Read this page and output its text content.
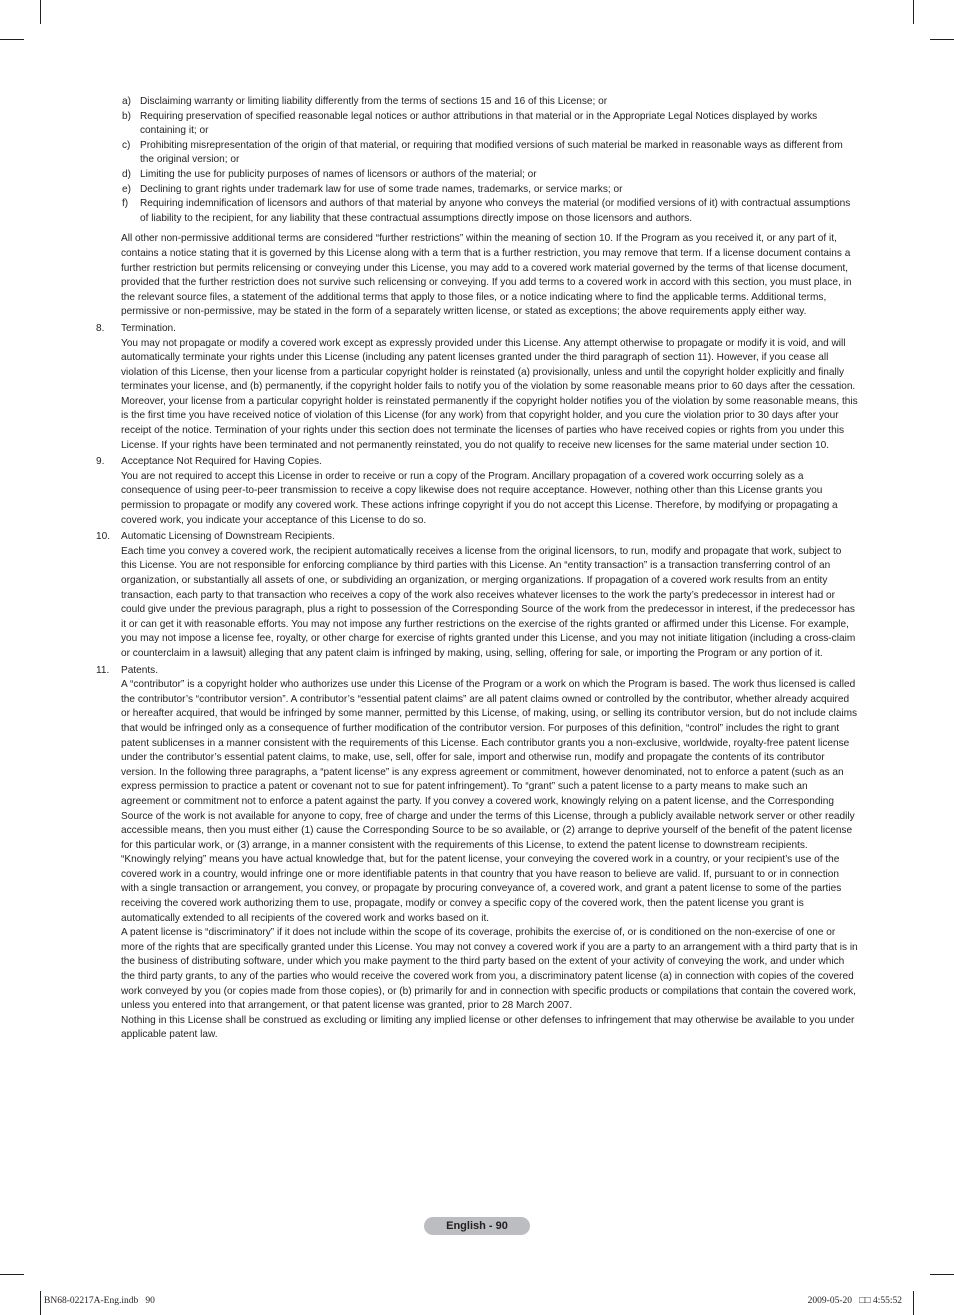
a) Disclaiming warranty or limiting liability differently from the terms of sections 15 and 16 of this License; or
b) Requiring preservation of specified reasonable legal notices or author attributions in that material or in the Appropriate Legal Notices displayed by works containing it; or
c) Prohibiting misrepresentation of the origin of that material, or requiring that modified versions of such material be marked in reasonable ways as different from the original version; or
d) Limiting the use for publicity purposes of names of licensors or authors of the material; or
e) Declining to grant rights under trademark law for use of some trade names, trademarks, or service marks; or
f) Requiring indemnification of licensors and authors of that material by anyone who conveys the material (or modified versions of it) with contractual assumptions of liability to the recipient, for any liability that these contractual assumptions directly impose on those licensors and authors.
All other non-permissive additional terms are considered “further restrictions” within the meaning of section 10. If the Program as you received it, or any part of it, contains a notice stating that it is governed by this License along with a term that is a further restriction, you may remove that term. If a license document contains a further restriction but permits relicensing or conveying under this License, you may add to a covered work material governed by the terms of that license document, provided that the further restriction does not survive such relicensing or conveying. If you add terms to a covered work in accord with this section, you must place, in the relevant source files, a statement of the additional terms that apply to those files, or a notice indicating where to find the applicable terms. Additional terms, permissive or non-permissive, may be stated in the form of a separately written license, or stated as exceptions; the above requirements apply either way.
8. Termination.

You may not propagate or modify a covered work except as expressly provided under this License. Any attempt otherwise to propagate or modify it is void, and will automatically terminate your rights under this License (including any patent licenses granted under the third paragraph of section 11). However, if you cease all violation of this License, then your license from a particular copyright holder is reinstated (a) provisionally, unless and until the copyright holder explicitly and finally terminates your license, and (b) permanently, if the copyright holder fails to notify you of the violation by some reasonable means prior to 60 days after the cessation. Moreover, your license from a particular copyright holder is reinstated permanently if the copyright holder notifies you of the violation by some reasonable means, this is the first time you have received notice of violation of this License (for any work) from that copyright holder, and you cure the violation prior to 30 days after your receipt of the notice. Termination of your rights under this section does not terminate the licenses of parties who have received copies or rights from you under this License. If your rights have been terminated and not permanently reinstated, you do not qualify to receive new licenses for the same material under section 10.

9. Acceptance Not Required for Having Copies.

You are not required to accept this License in order to receive or run a copy of the Program. Ancillary propagation of a covered work occurring solely as a consequence of using peer-to-peer transmission to receive a copy likewise does not require acceptance. However, nothing other than this License grants you permission to propagate or modify any covered work. These actions infringe copyright if you do not accept this License. Therefore, by modifying or propagating a covered work, you indicate your acceptance of this License to do so.

10. Automatic Licensing of Downstream Recipients.

Each time you convey a covered work, the recipient automatically receives a license from the original licensors, to run, modify and propagate that work, subject to this License. You are not responsible for enforcing compliance by third parties with this License. An “entity transaction” is a transaction transferring control of an organization, or substantially all assets of one, or subdividing an organization, or merging organizations. If propagation of a covered work results from an entity transaction, each party to that transaction who receives a copy of the work also receives whatever licenses to the work the party’s predecessor in interest had or could give under the previous paragraph, plus a right to possession of the Corresponding Source of the work from the predecessor in interest, if the predecessor has it or can get it with reasonable efforts. You may not impose any further restrictions on the exercise of the rights granted or affirmed under this License. For example, you may not impose a license fee, royalty, or other charge for exercise of rights granted under this License, and you may not initiate litigation (including a cross-claim or counterclaim in a lawsuit) alleging that any patent claim is infringed by making, using, selling, offering for sale, or importing the Program or any portion of it.

11. Patents.

A “contributor” is a copyright holder who authorizes use under this License of the Program or a work on which the Program is based. The work thus licensed is called the contributor’s “contributor version”. A contributor’s “essential patent claims” are all patent claims owned or controlled by the contributor, whether already acquired or hereafter acquired, that would be infringed by some manner, permitted by this License, of making, using, or selling its contributor version, but do not include claims that would be infringed only as a consequence of further modification of the contributor version. For purposes of this definition, “control” includes the right to grant patent sublicenses in a manner consistent with the requirements of this License. Each contributor grants you a non-exclusive, worldwide, royalty-free patent license under the contributor’s essential patent claims, to make, use, sell, offer for sale, import and otherwise run, modify and propagate the contents of its contributor version. In the following three paragraphs, a “patent license” is any express agreement or commitment, however denominated, not to enforce a patent (such as an express permission to practice a patent or covenant not to sue for patent infringement). To “grant” such a patent license to a party means to make such an agreement or commitment not to enforce a patent against the party. If you convey a covered work, knowingly relying on a patent license, and the Corresponding Source of the work is not available for anyone to copy, free of charge and under the terms of this License, through a publicly available network server or other readily accessible means, then you must either (1) cause the Corresponding Source to be so available, or (2) arrange to deprive yourself of the benefit of the patent license for this particular work, or (3) arrange, in a manner consistent with the requirements of this License, to extend the patent license to downstream recipients. “Knowingly relying” means you have actual knowledge that, but for the patent license, your conveying the covered work in a country, or your recipient’s use of the covered work in a country, would infringe one or more identifiable patents in that country that you have reason to believe are valid. If, pursuant to or in connection with a single transaction or arrangement, you convey, or propagate by procuring conveyance of, a covered work, and grant a patent license to some of the parties receiving the covered work authorizing them to use, propagate, modify or convey a specific copy of the covered work, then the patent license you grant is automatically extended to all recipients of the covered work and works based on it.

A patent license is “discriminatory” if it does not include within the scope of its coverage, prohibits the exercise of, or is conditioned on the non-exercise of one or more of the rights that are specifically granted under this License. You may not convey a covered work if you are a party to an arrangement with a third party that is in the business of distributing software, under which you make payment to the third party based on the extent of your activity of conveying the work, and under which the third party grants, to any of the parties who would receive the covered work from you, a discriminatory patent license (a) in connection with copies of the covered work conveyed by you (or copies made from those copies), or (b) primarily for and in connection with specific products or compilations that contain the covered work, unless you entered into that arrangement, or that patent license was granted, prior to 28 March 2007.

Nothing in this License shall be construed as excluding or limiting any implied license or other defenses to infringement that may otherwise be available to you under applicable patent law.

English - 90
BN68-02217A-Eng.indb   90	2009-05-20   □□ 4:55:52
